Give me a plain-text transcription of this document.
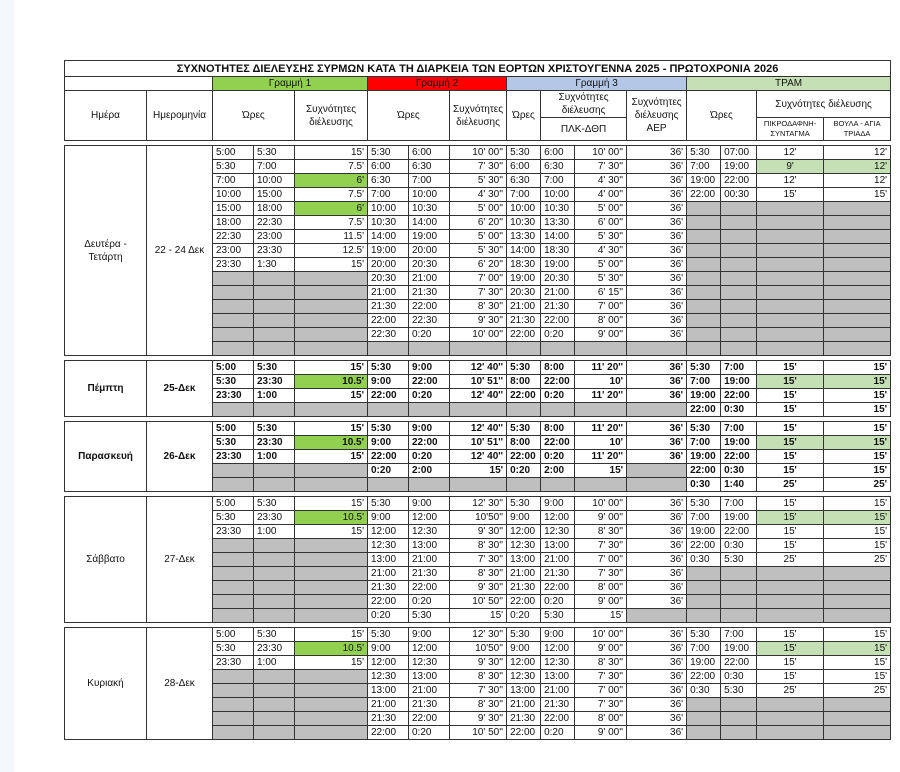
ΣΥΧΝΟΤΗΤΕΣ ΔΙΕΛΕΥΣΗΣ ΣΥΡΜΩΝ ΚΑΤΑ ΤΗ ΔΙΑΡΚΕΙΑ ΤΩΝ ΕΟΡΤΩΝ ΧΡΙΣΤΟΥΓΕΝΝΑ 2025 - ΠΡΩΤΟΧΡΟΝΙΑ 2026															
		Γραμμή 1			Γραμμή 2			Γραμμή 3				ΤΡΑΜ			
Ημέρα	Ημερομηνία	Ώρες		Συχνότητες διέλευσης	Ώρες		Συχνότητες διέλευσης	Ώρες	Συχνότητες διέλευσης		Συχνότητες διέλευσης ΑΕΡ	Ώρες		Συχνότητες διέλευσης	
									ΠΛΚ-ΔΘΠ					ΠΙΚΡΟΔΑΦΝΗ-ΣΥΝΤΑΓΜΑ	ΒΟΥΛΑ - ΑΓΙΑ ΤΡΙΑΔΑ

Δευτέρα - Τετάρτη	22 - 24 Δεκ	5:00	5:30	15'	5:30	6:00	10' 00''	5:30	6:00	10' 00''	36'	5:30	07:00	12'	12'
		5:30	7:00	7.5'	6:00	6:30	7' 30''	6:00	6:30	7' 30''	36'	7:00	19:00	9'	12'
		7:00	10:00	6'	6:30	7:00	5' 30''	6:30	7:00	4' 30''	36'	19:00	22:00	12'	12'
		10:00	15:00	7.5'	7:00	10:00	4' 30''	7:00	10:00	4' 00''	36'	22:00	00:30	15'	15'
		15:00	18:00	6'	10:00	10:30	5' 00''	10:00	10:30	5' 00''	36'				
		18:00	22:30	7.5'	10:30	14:00	6' 20''	10:30	13:30	6' 00''	36'				
		22:30	23:00	11.5'	14:00	19:00	5' 00''	13:30	14:00	5' 30''	36'				
		23:00	23:30	12.5'	19:00	20:00	5' 30''	14:00	18:30	4' 30''	36'				
		23:30	1:30	15'	20:00	20:30	6' 20''	18:30	19:00	5' 00''	36'				
					20:30	21:00	7' 00''	19:00	20:30	5' 30''	36'				
					21:00	21:30	7' 30''	20:30	21:00	6' 15''	36'				
					21:30	22:00	8' 30''	21:00	21:30	7' 00''	36'				
					22:00	22:30	9' 30''	21:30	22:00	8' 00''	36'				
					22:30	0:20	10' 00''	22:00	0:20	9' 00''	36'				

Πέμπτη	25-Δεκ	5:00	5:30	15'	5:30	9:00	12' 40''	5:30	8:00	11' 20''	36'	5:30	7:00	15'	15'
		5:30	23:30	10.5'	9:00	22:00	10' 51''	8:00	22:00	10'	36'	7:00	19:00	15'	15'
		23:30	1:00	15'	22:00	0:20	12' 40''	22:00	0:20	11' 20''	36'	19:00	22:00	15'	15'
												22:00	0:30	15'	15'

Παρασκευή	26-Δεκ	5:00	5:30	15'	5:30	9:00	12' 40''	5:30	8:00	11' 20''	36'	5:30	7:00	15'	15'
		5:30	23:30	10.5'	9:00	22:00	10' 51''	8:00	22:00	10'	36'	7:00	19:00	15'	15'
		23:30	1:00	15'	22:00	0:20	12' 40''	22:00	0:20	11' 20''	36'	19:00	22:00	15'	15'
					0:20	2:00	15'	0:20	2:00	15'		22:00	0:30	15'	15'
												0:30	1:40	25'	25'

Σάββατο	27-Δεκ	5:00	5:30	15'	5:30	9:00	12' 30''	5:30	9:00	10' 00''	36'	5:30	7:00	15'	15'
		5:30	23:30	10.5'	9:00	12:00	10'50''	9:00	12:00	9' 00''	36'	7:00	19:00	15'	15'
		23:30	1:00	15'	12:00	12:30	9' 30''	12:00	12:30	8' 30''	36'	19:00	22:00	15'	15'
					12:30	13:00	8' 30''	12:30	13:00	7' 30''	36'	22:00	0:30	15'	15'
					13:00	21:00	7' 30''	13:00	21:00	7' 00''	36'	0:30	5:30	25'	25'
					21:00	21:30	8' 30''	21:00	21:30	7' 30''	36'				
					21:30	22:00	9' 30''	21:30	22:00	8' 00''	36'				
					22:00	0:20	10' 50''	22:00	0:20	9' 00''	36'				
					0:20	5:30	15'	0:20	5:30	15'					

Κυριακή	28-Δεκ	5:00	5:30	15'	5:30	9:00	12' 30''	5:30	9:00	10' 00''	36'	5:30	7:00	15'	15'
		5:30	23:30	10.5'	9:00	12:00	10'50''	9:00	12:00	9' 00''	36'	7:00	19:00	15'	15'
		23:30	1:00	15'	12:00	12:30	9' 30''	12:00	12:30	8' 30''	36'	19:00	22:00	15'	15'
					12:30	13:00	8' 30''	12:30	13:00	7' 30''	36'	22:00	0:30	15'	15'
					13:00	21:00	7' 30''	13:00	21:00	7' 00''	36'	0:30	5:30	25'	25'
					21:00	21:30	8' 30''	21:00	21:30	7' 30''	36'				
					21:30	22:00	9' 30''	21:30	22:00	8' 00''	36'				
					22:00	0:20	10' 50''	22:00	0:20	9' 00''	36'				
